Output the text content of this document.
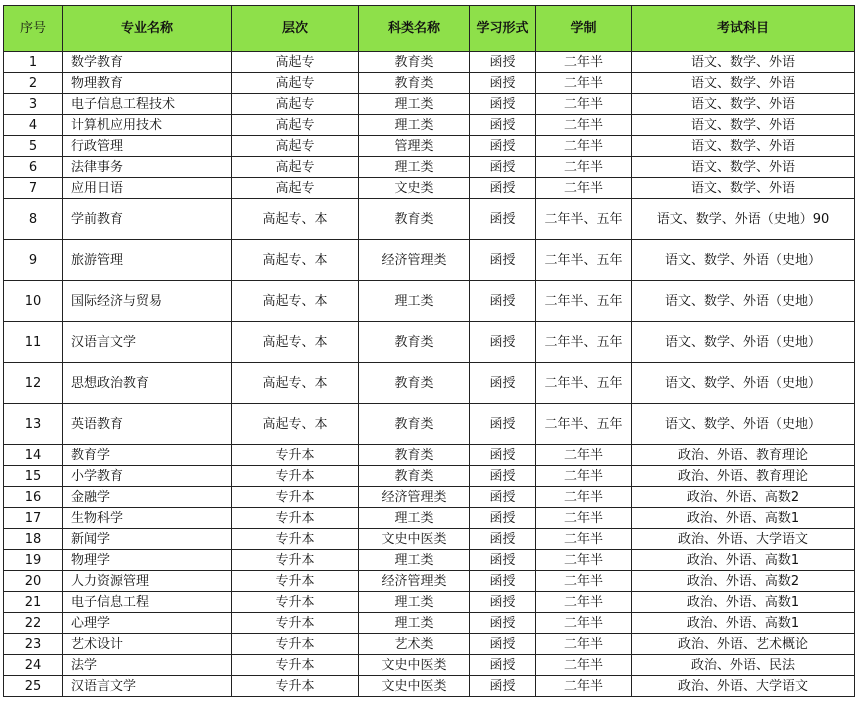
序号	专业名称	层次	科类名称	学习形式	学制	考试科目
1	数学教育	高起专	教育类	函授	二年半	语文、数学、外语
2	物理教育	高起专	教育类	函授	二年半	语文、数学、外语
3	电子信息工程技术	高起专	理工类	函授	二年半	语文、数学、外语
4	计算机应用技术	高起专	理工类	函授	二年半	语文、数学、外语
5	行政管理	高起专	管理类	函授	二年半	语文、数学、外语
6	法律事务	高起专	理工类	函授	二年半	语文、数学、外语
7	应用日语	高起专	文史类	函授	二年半	语文、数学、外语
8	学前教育	高起专、本	教育类	函授	二年半、五年	语文、数学、外语（史地）90
9	旅游管理	高起专、本	经济管理类	函授	二年半、五年	语文、数学、外语（史地）
10	国际经济与贸易	高起专、本	理工类	函授	二年半、五年	语文、数学、外语（史地）
11	汉语言文学	高起专、本	教育类	函授	二年半、五年	语文、数学、外语（史地）
12	思想政治教育	高起专、本	教育类	函授	二年半、五年	语文、数学、外语（史地）
13	英语教育	高起专、本	教育类	函授	二年半、五年	语文、数学、外语（史地）
14	教育学	专升本	教育类	函授	二年半	政治、外语、教育理论
15	小学教育	专升本	教育类	函授	二年半	政治、外语、教育理论
16	金融学	专升本	经济管理类	函授	二年半	政治、外语、高数2
17	生物科学	专升本	理工类	函授	二年半	政治、外语、高数1
18	新闻学	专升本	文史中医类	函授	二年半	政治、外语、大学语文
19	物理学	专升本	理工类	函授	二年半	政治、外语、高数1
20	人力资源管理	专升本	经济管理类	函授	二年半	政治、外语、高数2
21	电子信息工程	专升本	理工类	函授	二年半	政治、外语、高数1
22	心理学	专升本	理工类	函授	二年半	政治、外语、高数1
23	艺术设计	专升本	艺术类	函授	二年半	政治、外语、艺术概论
24	法学	专升本	文史中医类	函授	二年半	政治、外语、民法
25	汉语言文学	专升本	文史中医类	函授	二年半	政治、外语、大学语文
